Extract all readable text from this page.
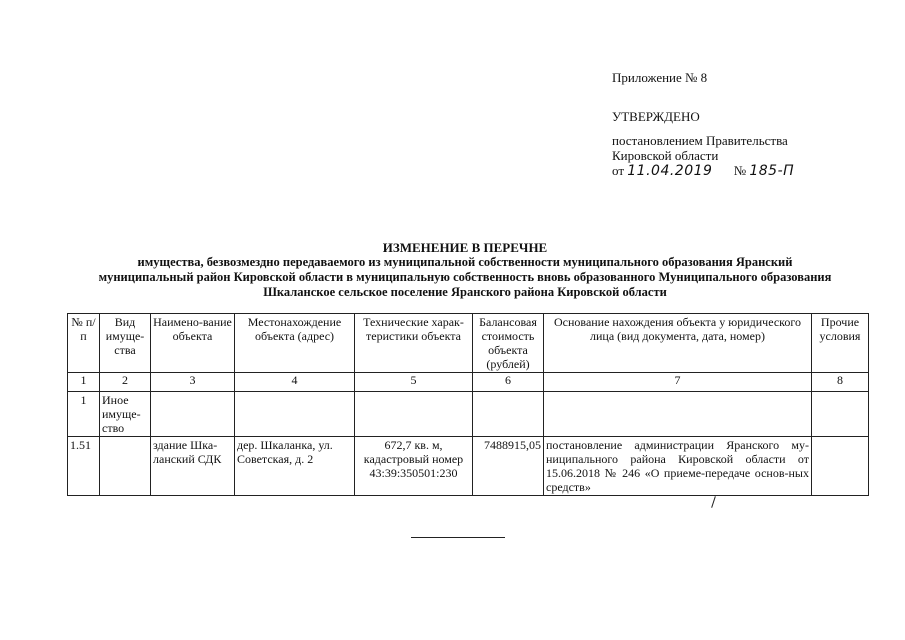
Приложение № 8
УТВЕРЖДЕНО
постановлением Правительства
Кировской области
от 11.04.2019 № 185-П
ИЗМЕНЕНИЕ В ПЕРЕЧНЕ
имущества, безвозмездно передаваемого из муниципальной собственности муниципального образования Яранский
муниципальный район Кировской области в муниципальную собственность вновь образованного Муниципального образования
Шкаланское сельское поселение Яранского района Кировской области
№ п/п	Вид имуще-ства	Наимено-вание объекта	Местонахождение объекта (адрес)	Технические харак-теристики объекта	Балансовая стоимость объекта (рублей)	Основание нахождения объекта у юридического лица (вид документа, дата, номер)	Прочие условия
1	2	3	4	5	6	7	8
1	Иное имуще-ство						
1.51		здание Шка-ланский СДК	дер. Шкаланка, ул. Советская, д. 2	672,7 кв. м, кадастровый номер 43:39:350501:230	7488915,05	постановление администрации Яранского му-ниципального района Кировской области от 15.06.2018 № 246 «О приеме-передаче основ-ных средств»	
